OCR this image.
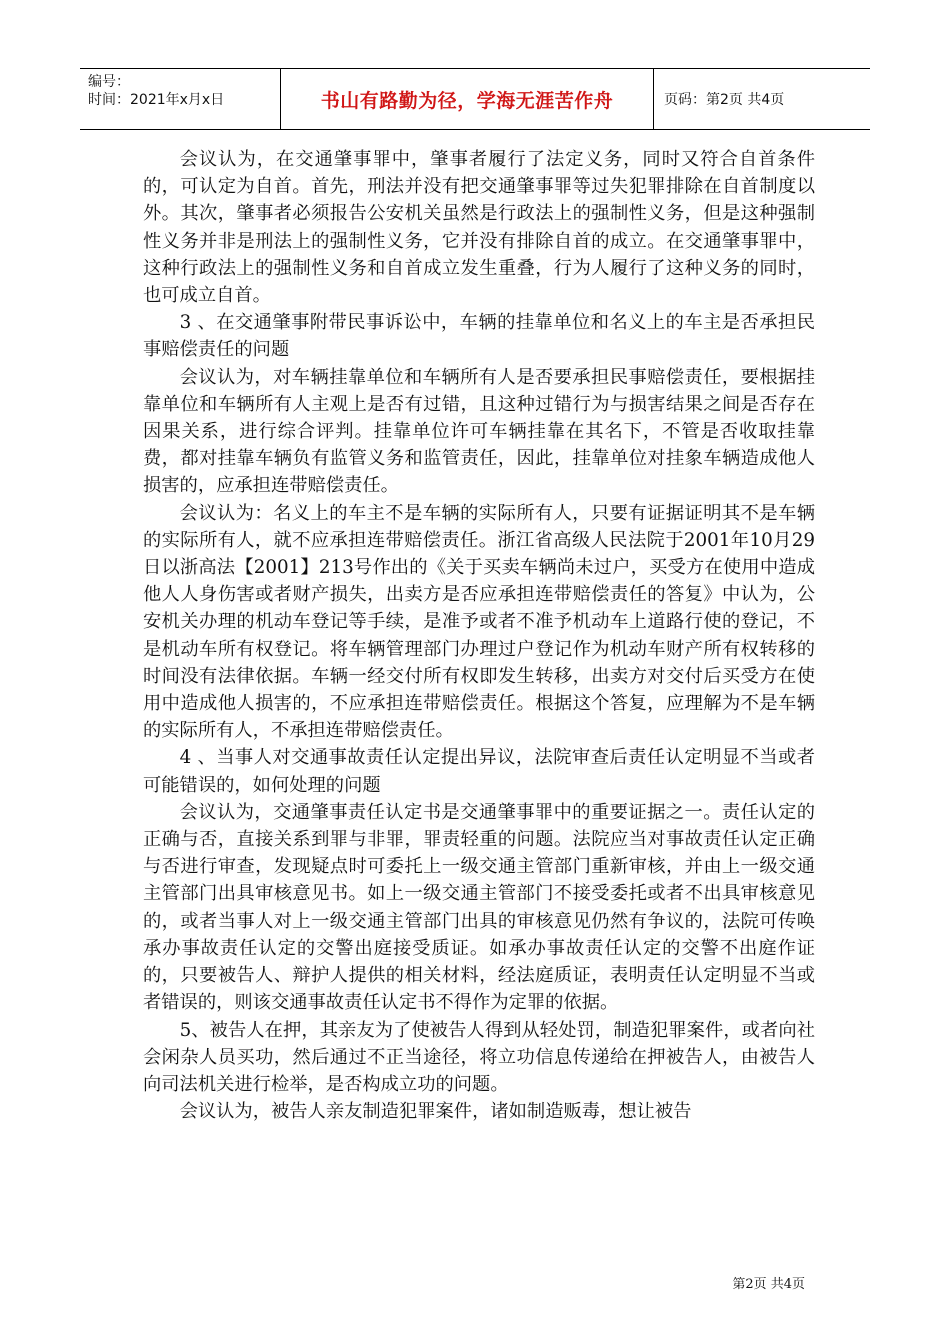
编号：
时间：2021年x月x日	书山有路勤为径，学海无涯苦作舟	页码：第2页 共4页

会议认为，在交通肇事罪中，肇事者履行了法定义务，同时又符合自首条件的，可认定为自首。首先，刑法并没有把交通肇事罪等过失犯罪排除在自首制度以外。其次，肇事者必须报告公安机关虽然是行政法上的强制性义务，但是这种强制性义务并非是刑法上的强制性义务，它并没有排除自首的成立。在交通肇事罪中，这种行政法上的强制性义务和自首成立发生重叠，行为人履行了这种义务的同时，也可成立自首。

3 、在交通肇事附带民事诉讼中，车辆的挂靠单位和名义上的车主是否承担民事赔偿责任的问题

会议认为，对车辆挂靠单位和车辆所有人是否要承担民事赔偿责任，要根据挂靠单位和车辆所有人主观上是否有过错，且这种过错行为与损害结果之间是否存在因果关系，进行综合评判。挂靠单位许可车辆挂靠在其名下，不管是否收取挂靠费，都对挂靠车辆负有监管义务和监管责任，因此，挂靠单位对挂象车辆造成他人损害的，应承担连带赔偿责任。

会议认为：名义上的车主不是车辆的实际所有人，只要有证据证明其不是车辆的实际所有人，就不应承担连带赔偿责任。浙江省高级人民法院于2001年10月29日以浙高法【2001】213号作出的《关于买卖车辆尚未过户，买受方在使用中造成他人人身伤害或者财产损失，出卖方是否应承担连带赔偿责任的答复》中认为，公安机关办理的机动车登记等手续，是准予或者不准予机动车上道路行使的登记，不是机动车所有权登记。将车辆管理部门办理过户登记作为机动车财产所有权转移的时间没有法律依据。车辆一经交付所有权即发生转移，出卖方对交付后买受方在使用中造成他人损害的，不应承担连带赔偿责任。根据这个答复，应理解为不是车辆的实际所有人，不承担连带赔偿责任。

4 、当事人对交通事故责任认定提出异议，法院审查后责任认定明显不当或者可能错误的，如何处理的问题

会议认为，交通肇事责任认定书是交通肇事罪中的重要证据之一。责任认定的正确与否，直接关系到罪与非罪，罪责轻重的问题。法院应当对事故责任认定正确与否进行审查，发现疑点时可委托上一级交通主管部门重新审核，并由上一级交通主管部门出具审核意见书。如上一级交通主管部门不接受委托或者不出具审核意见的，或者当事人对上一级交通主管部门出具的审核意见仍然有争议的，法院可传唤承办事故责任认定的交警出庭接受质证。如承办事故责任认定的交警不出庭作证的，只要被告人、辩护人提供的相关材料，经法庭质证，表明责任认定明显不当或者错误的，则该交通事故责任认定书不得作为定罪的依据。

5、被告人在押，其亲友为了使被告人得到从轻处罚，制造犯罪案件，或者向社会闲杂人员买功，然后通过不正当途径，将立功信息传递给在押被告人，由被告人向司法机关进行检举，是否构成立功的问题。

会议认为，被告人亲友制造犯罪案件，诸如制造贩毒，想让被告

第2页 共4页
